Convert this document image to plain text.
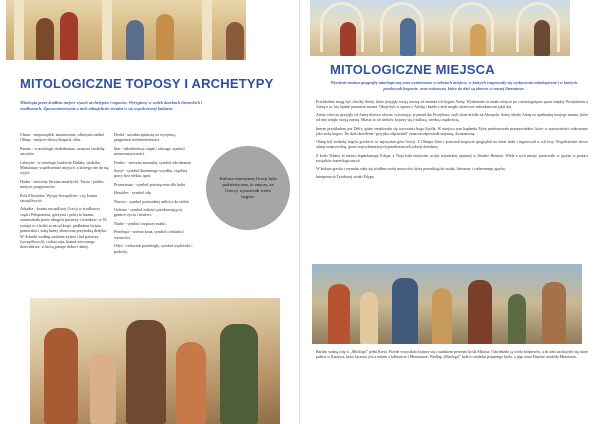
MITOLOGICZNE TOPOSY I ARCHETYPY
Mitologia przez źródłem mejsce wyach archetypów i toposów. Wyryginoy w wołek dzorbach literackich i środkowach. Zpowonionowynie z nich odnajeliców teraźni w się wspołczesnej kulturze.

Chaos - nieporządek, zamieszanie, olbrzymi nieład. Olimp - miejsce ślizwy/bogach, elita.

Parnas - w mitologii siedzibamuz, oznacza siedzibę artystów.

Labirynt - w mitologii budowla Dedala, siedziba Minotaura; współcześnie miejsce, z którego nie da się wyjść.

Hades - zaświaty (kraina zmarłych). Tartar - piekło, miejsce potępionców.

Pola Elizejskie, Wyspy Szczęśliwe - raj, kraina szczęśliwych.

Arkadia - kraina szczęśliwej Grecji w środkowej części Peloponezu, górzysta i pokryta lasami, zamieszkała przez ubogich pasterzy i rolników; w W. zostaje to z kolei ta na od kraje. podkraina świata pomorskie i sobą krany słoneczna przyrodną dedyka. W Arkadii według zaalatna żyłem i lud pasterzy (szczęśliwych), rodzaj raju, kraina wiecznego dzieciństwa, w którą panuje dobro i ładuj.

Dedal - uosabia tęsknotę za wyzjemą, pragnienie nieśmiertelności.

Ikar - młodzieńczy zapał i odwaga, symbol nienormatywności.

Feniks - wieczna mrzonka, symbol odrodzenia.

Syzyf - symbol daremnego wysiłku, ciężkiej pracy bez efektu, upór.

Prometeusz - symbol poświęcenia dla ludzi.

Herakles - symbol siły.

Narcyz - symbol przesadnej miłości do siebie.

Orfeusz - symbol miłości przekraczającej granice życia i śmierci.

Niobe - symbol rozpaczy matki.

Penelopa - wierna żona, symbol czekania i wierności.

Odys - człowiek przebiegły, symbol wędrówki i podróży.

Kultura starożytnej Grecji była politeistyczna, to znaczy, że Greccy wyznawali wielu bogów.
MITOLOGICZNE MIEJSCA
Wyróżnić można geografię mitologiczną oraz wymienione w tekstach miejsca, w których rozgrywały się wydarzenia mitologiczne i w których przebywali bogowie, oraz zwłaszcza, które do dziś są obecne w naszej literaturze.

Przykładem mogą być choćby Ateny, które przyjęły swoją nazwę od imienia ich bogini Ateny. Wydarzenie to miało miejsce po rozstrzygnięciu sporu między Posejdonem a Ateną o to, kto będzie patronem miasta. Oboje byli w sporze o Attykę i każde z nich mogło ofiarować mieszkańcom jakiś dar.

Ateny ochoczo przyjęły od Ateny drzewo oliwne, wysuwając je ponad dar Posejdona, czyli słone źródło na Akropolu. Ateny obrały Atenę za opiekunkę swojego miasta, które od niej wzięło swoją nazwę. Miasto to od wieków kojarzy się z kulturą, wiedzą i mądrością.

Innym przykładem jest Delfy, gdzie znajdowała się wyrocznia boga Apolla. W miejscu tym kapłanka Pytia przekazywała przepowiednie, które w starożytności traktowano jako wolę bogów. Do dziś określenie ‘pytyjska odpowiedź’ oznacza odpowiedź niejasną, dwuznaczną.

Olimp był siedzibą bogów greckich; to najwyższa góra Grecji. Z Olimpu Zeus i pozostali bogowie spoglądali na świat ludzi i ingerowali w ich losy. Współcześnie słowo olimp oznacza elitę, grono najwybitniejszych przedstawicieli jakiejś dziedziny.

Z kolei Tebany to miasto legendarnego Edypa, a Troja była miejscem wojny trojańskiej opisanej w Iliadzie Homera. Wiele z tych miejsc przetrwało w języku w postaci związków frazeologicznych.

W kultura grecka i rzymska stały się źródłem wielu motywów, które przenikają do sztuki, literatury i codziennego języka.

Interpretacja Tytułowej sztuki Edypa.

Bardzo ważną rolę w „Mitologii” pełni Kreta. Przede wszystkim kojarzy się z zamkiem pewnym króla Minosa. Odwiedziło ją wielu bohaterów, a do dziś zachowały się ruiny pałacu w Knossos, który łączony jest z mitem o labiryncie i Minotaurze. Według „Mitologii” była to siedziba potężnego króla, a jego żona Pazyfae urodziła Minotaura.
